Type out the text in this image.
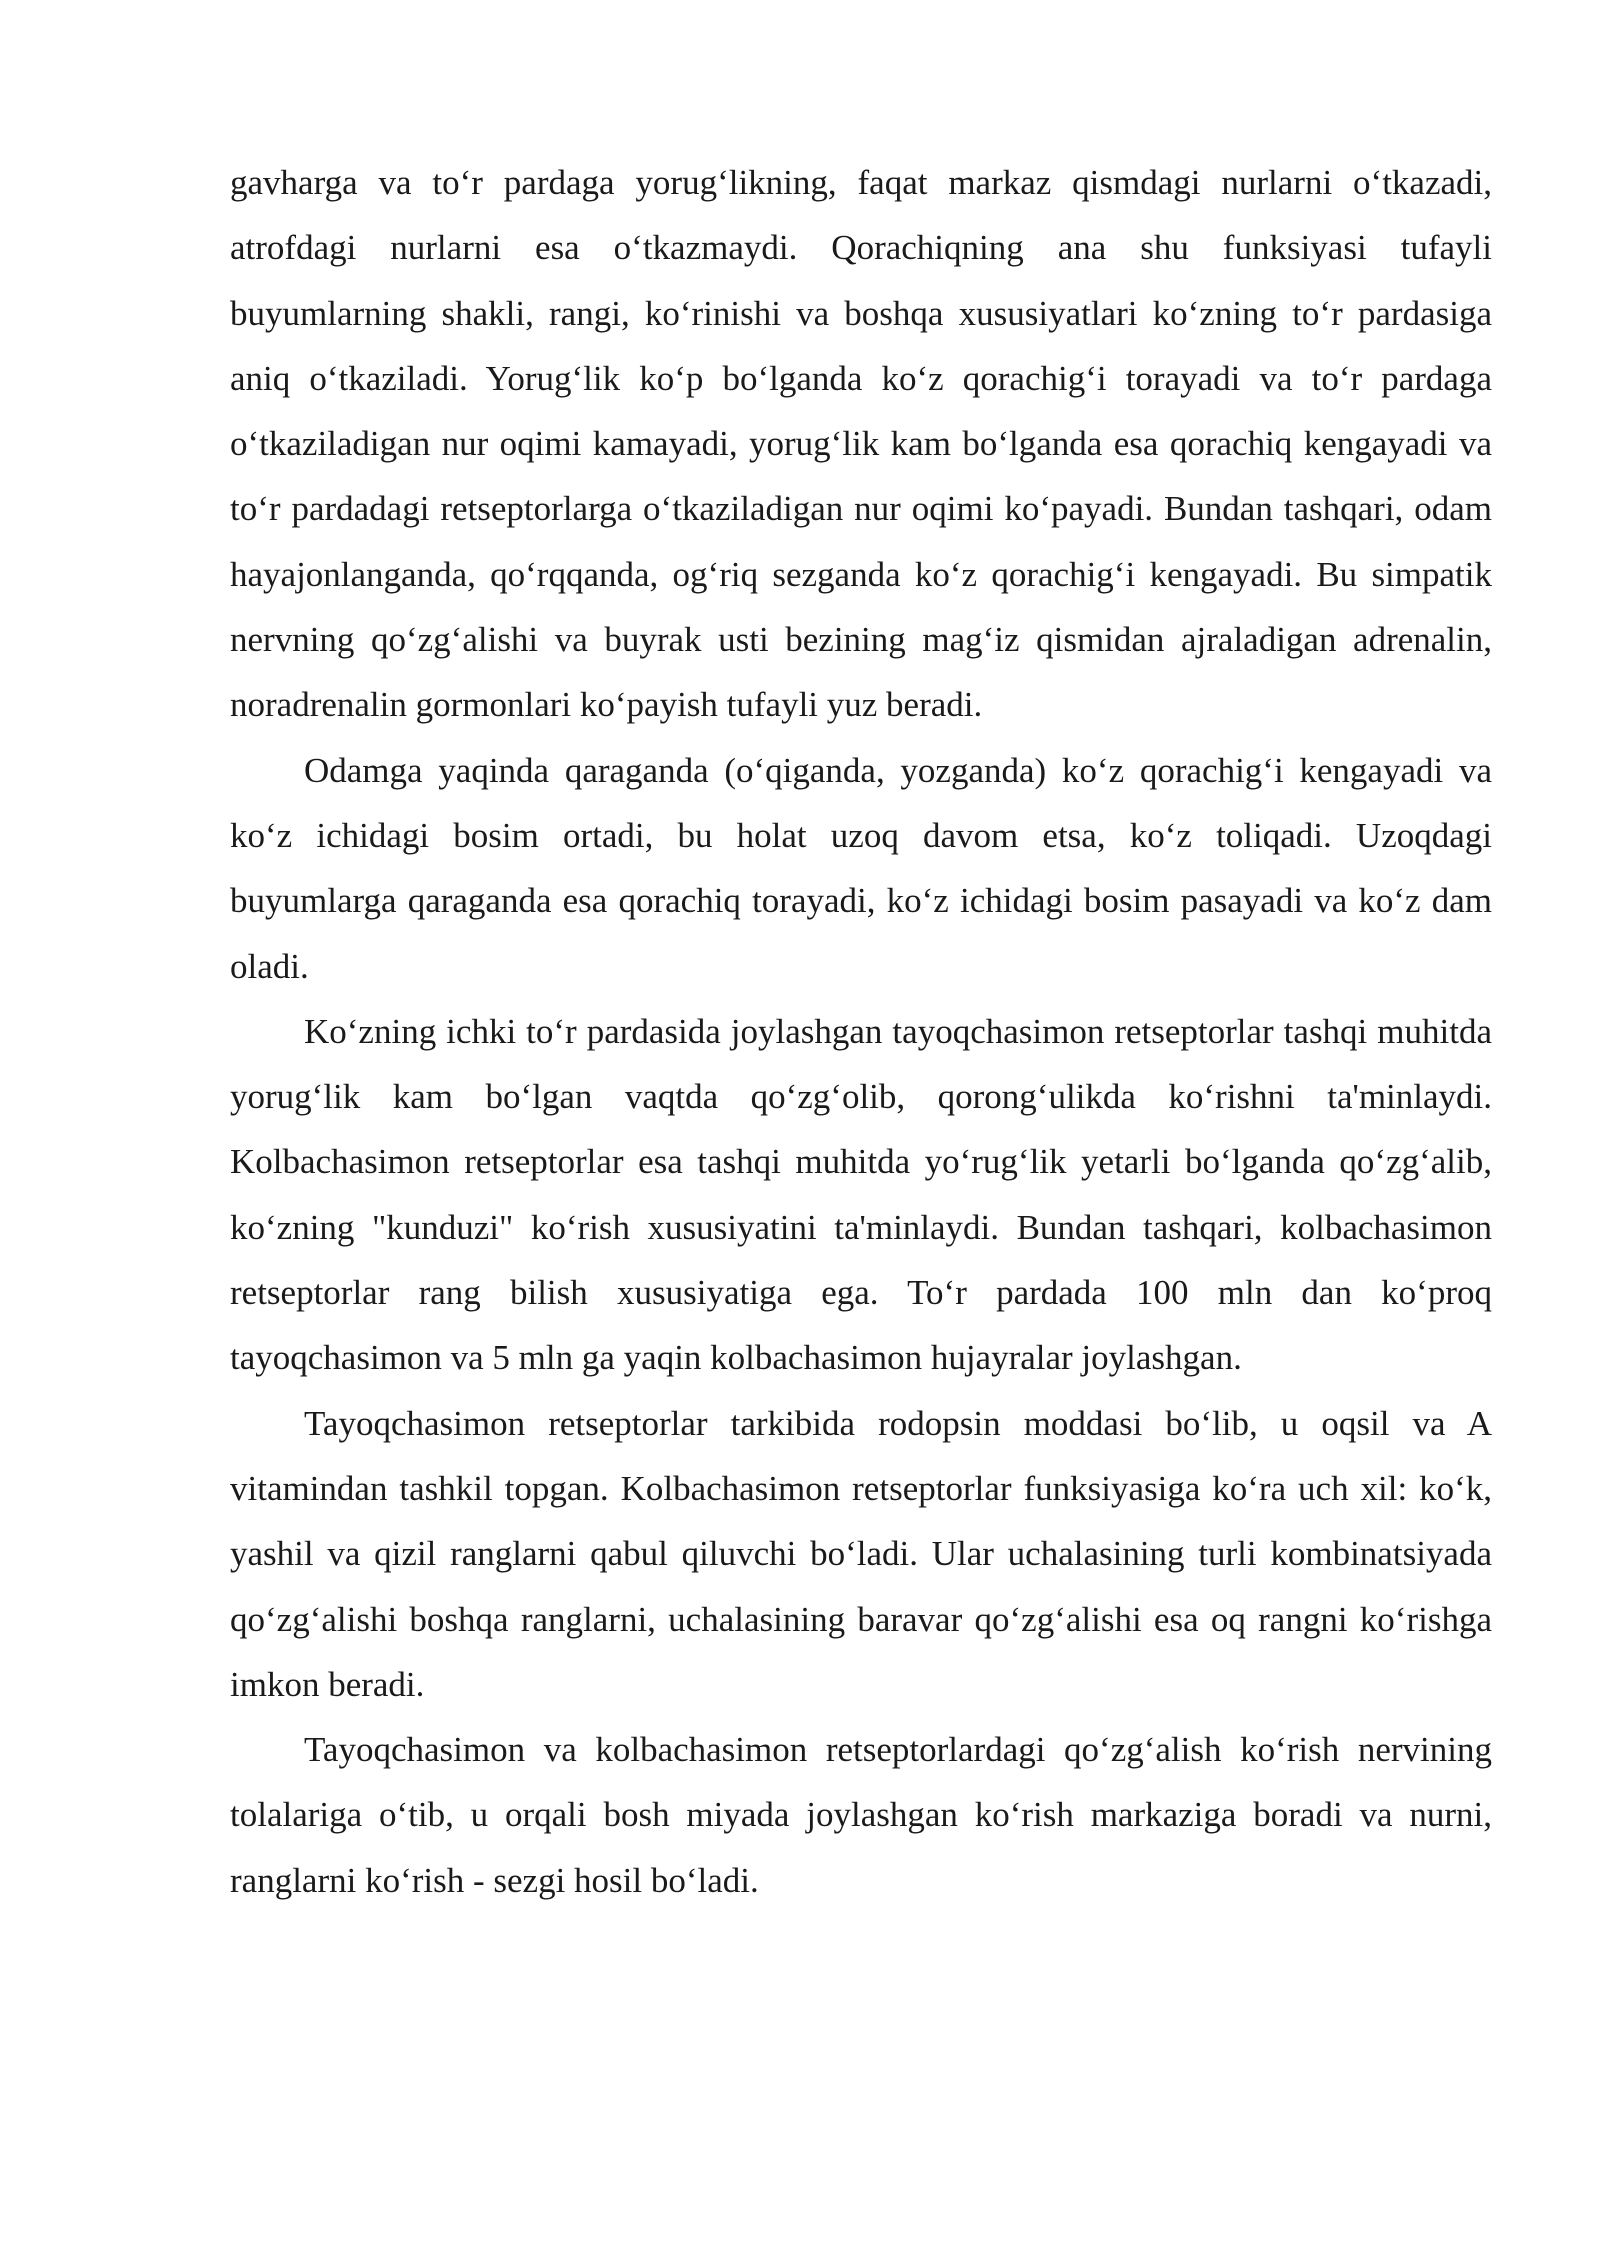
gavharga va to‘r pardaga yorug‘likning, faqat markaz qismdagi nurlarni o‘tkazadi, atrofdagi nurlarni esa o‘tkazmaydi. Qorachiqning ana shu funksiyasi tufayli buyumlarning shakli, rangi, ko‘rinishi va boshqa xususiyatlari ko‘zning to‘r pardasiga aniq o‘tkaziladi. Yorug‘lik ko‘p bo‘lganda ko‘z qorachig‘i torayadi va to‘r pardaga o‘tkaziladigan nur oqimi kamayadi, yorug‘lik kam bo‘lganda esa qorachiq kengayadi va to‘r pardadagi retseptorlarga o‘tkaziladigan nur oqimi ko‘payadi. Bundan tashqari, odam hayajonlanganda, qo‘rqqanda, og‘riq sezganda ko‘z qorachig‘i kengayadi. Bu simpatik nervning qo‘zg‘alishi va buyrak usti bezining mag‘iz qismidan ajraladigan adrenalin, noradrenalin gormonlari ko‘payish tufayli yuz beradi.

Odamga yaqinda qaraganda (o‘qiganda, yozganda) ko‘z qorachig‘i kengayadi va ko‘z ichidagi bosim ortadi, bu holat uzoq davom etsa, ko‘z toliqadi. Uzoqdagi buyumlarga qaraganda esa qorachiq torayadi, ko‘z ichidagi bosim pasayadi va ko‘z dam oladi.

Ko‘zning ichki to‘r pardasida joylashgan tayoqchasimon retseptorlar tashqi muhitda yorug‘lik kam bo‘lgan vaqtda qo‘zg‘olib, qorong‘ulikda ko‘rishni ta'minlaydi. Kolbachasimon retseptorlar esa tashqi muhitda yo‘rug‘lik yetarli bo‘lganda qo‘zg‘alib, ko‘zning "kunduzi" ko‘rish xususiyatini ta'minlaydi. Bundan tashqari, kolbachasimon retseptorlar rang bilish xususiyatiga ega. To‘r pardada 100 mln dan ko‘proq tayoqchasimon va 5 mln ga yaqin kolbachasimon hujayralar joylashgan.

Tayoqchasimon retseptorlar tarkibida rodopsin moddasi bo‘lib, u oqsil va A vitamindan tashkil topgan. Kolbachasimon retseptorlar funksiyasiga ko‘ra uch xil: ko‘k, yashil va qizil ranglarni qabul qiluvchi bo‘ladi. Ular uchalasining turli kombinatsiyada qo‘zg‘alishi boshqa ranglarni, uchalasining baravar qo‘zg‘alishi esa oq rangni ko‘rishga imkon beradi.

Tayoqchasimon va kolbachasimon retseptorlardagi qo‘zg‘alish ko‘rish nervining tolalariga o‘tib, u orqali bosh miyada joylashgan ko‘rish markaziga boradi va nurni, ranglarni ko‘rish - sezgi hosil bo‘ladi.
